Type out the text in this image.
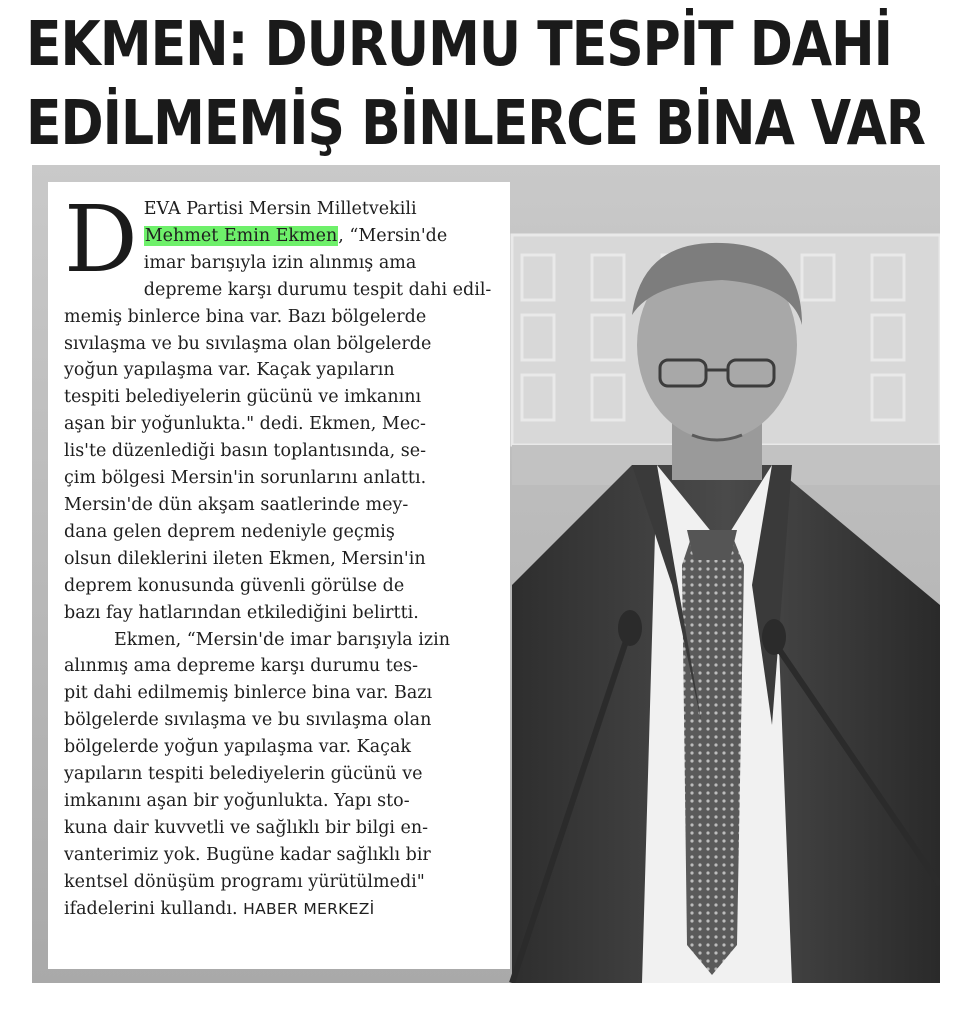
EKMEN: DURUMU TESPİT DAHİ
EDİLMEMİŞ BİNLERCE BİNA VAR
D EVA Partisi Mersin Milletvekili
Mehmet Emin Ekmen, “Mersin'de
imar barışıyla izin alınmış ama
depreme karşı durumu tespit dahi edil-
memiş binlerce bina var. Bazı bölgelerde
sıvılaşma ve bu sıvılaşma olan bölgelerde
yoğun yapılaşma var. Kaçak yapıların
tespiti belediyelerin gücünü ve imkanını
aşan bir yoğunlukta." dedi. Ekmen, Mec-
lis'te düzenlediği basın toplantısında, se-
çim bölgesi Mersin'in sorunlarını anlattı.
Mersin'de dün akşam saatlerinde mey-
dana gelen deprem nedeniyle geçmiş
olsun dileklerini ileten Ekmen, Mersin'in
deprem konusunda güvenli görülse de
bazı fay hatlarından etkilediğini belirtti.
Ekmen, “Mersin'de imar barışıyla izin
alınmış ama depreme karşı durumu tes-
pit dahi edilmemiş binlerce bina var. Bazı
bölgelerde sıvılaşma ve bu sıvılaşma olan
bölgelerde yoğun yapılaşma var. Kaçak
yapıların tespiti belediyelerin gücünü ve
imkanını aşan bir yoğunlukta. Yapı sto-
kuna dair kuvvetli ve sağlıklı bir bilgi en-
vanterimiz yok. Bugüne kadar sağlıklı bir
kentsel dönüşüm programı yürütülmedi"
ifadelerini kullandı. HABER MERKEZİ
